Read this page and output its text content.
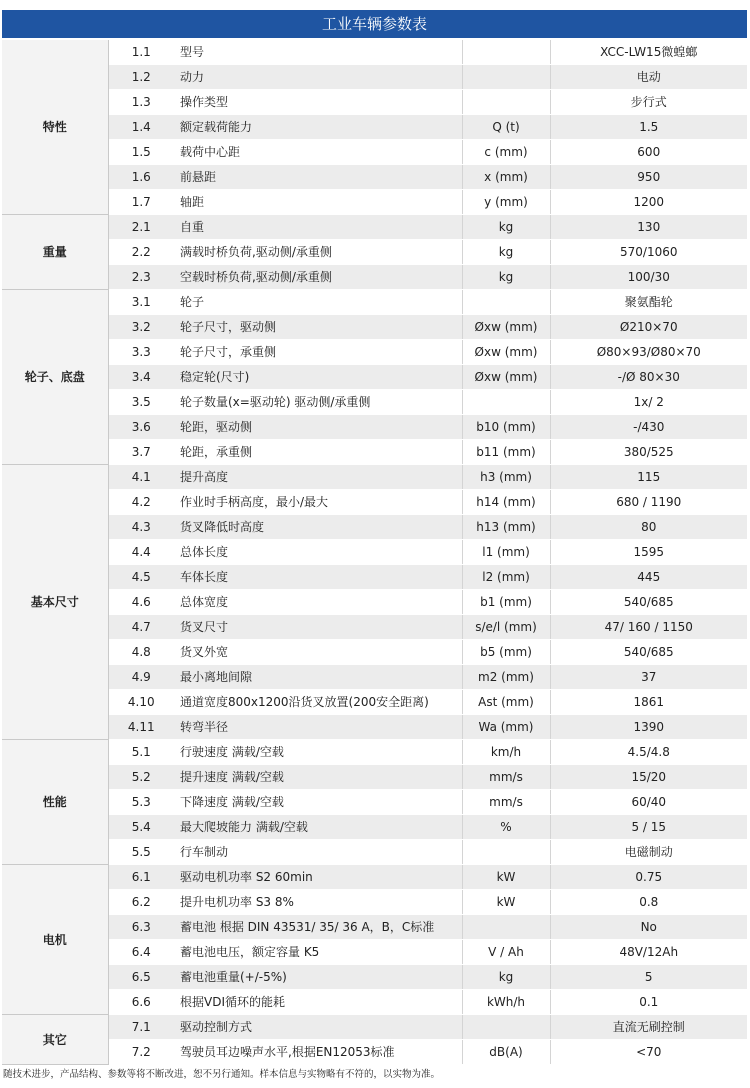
工业车辆参数表
特性	1.1	型号		XCC-LW15微蝗螂
	1.2	动力		电动
	1.3	操作类型		步行式
	1.4	额定载荷能力	Q (t)	1.5
	1.5	载荷中心距	c (mm)	600
	1.6	前悬距	x (mm)	950
	1.7	轴距	y (mm)	1200
重量	2.1	自重	kg	130
	2.2	满载时桥负荷,驱动侧/承重侧	kg	570/1060
	2.3	空载时桥负荷,驱动侧/承重侧	kg	100/30
轮子、底盘	3.1	轮子		聚氨酯轮
	3.2	轮子尺寸，驱动侧	Øxw (mm)	Ø210×70
	3.3	轮子尺寸，承重侧	Øxw (mm)	Ø80×93/Ø80×70
	3.4	稳定轮(尺寸)	Øxw (mm)	-/Ø 80×30
	3.5	轮子数量(x=驱动轮) 驱动侧/承重侧		1x/ 2
	3.6	轮距，驱动侧	b10 (mm)	-/430
	3.7	轮距，承重侧	b11 (mm)	380/525
基本尺寸	4.1	提升高度	h3 (mm)	115
	4.2	作业时手柄高度，最小/最大	h14 (mm)	680 / 1190
	4.3	货叉降低时高度	h13 (mm)	80
	4.4	总体长度	l1 (mm)	1595
	4.5	车体长度	l2 (mm)	445
	4.6	总体宽度	b1 (mm)	540/685
	4.7	货叉尺寸	s/e/l (mm)	47/ 160 / 1150
	4.8	货叉外宽	b5 (mm)	540/685
	4.9	最小离地间隙	m2 (mm)	37
	4.10	通道宽度800x1200沿货叉放置(200安全距离)	Ast (mm)	1861
	4.11	转弯半径	Wa (mm)	1390
性能	5.1	行驶速度 满载/空载	km/h	4.5/4.8
	5.2	提升速度 满载/空载	mm/s	15/20
	5.3	下降速度 满载/空载	mm/s	60/40
	5.4	最大爬坡能力 满载/空载	%	5 / 15
	5.5	行车制动		电磁制动
电机	6.1	驱动电机功率 S2 60min	kW	0.75
	6.2	提升电机功率 S3 8%	kW	0.8
	6.3	蓄电池 根据 DIN 43531/ 35/ 36 A，B，C标准		No
	6.4	蓄电池电压，额定容量 K5	V / Ah	48V/12Ah
	6.5	蓄电池重量(+/-5%)	kg	5
	6.6	根据VDI循环的能耗	kWh/h	0.1
其它	7.1	驱动控制方式		直流无刷控制
	7.2	驾驶员耳边噪声水平,根据EN12053标准	dB(A)	<70
随技术进步，产品结构、参数等将不断改进，恕不另行通知。样本信息与实物略有不符的，以实物为准。
